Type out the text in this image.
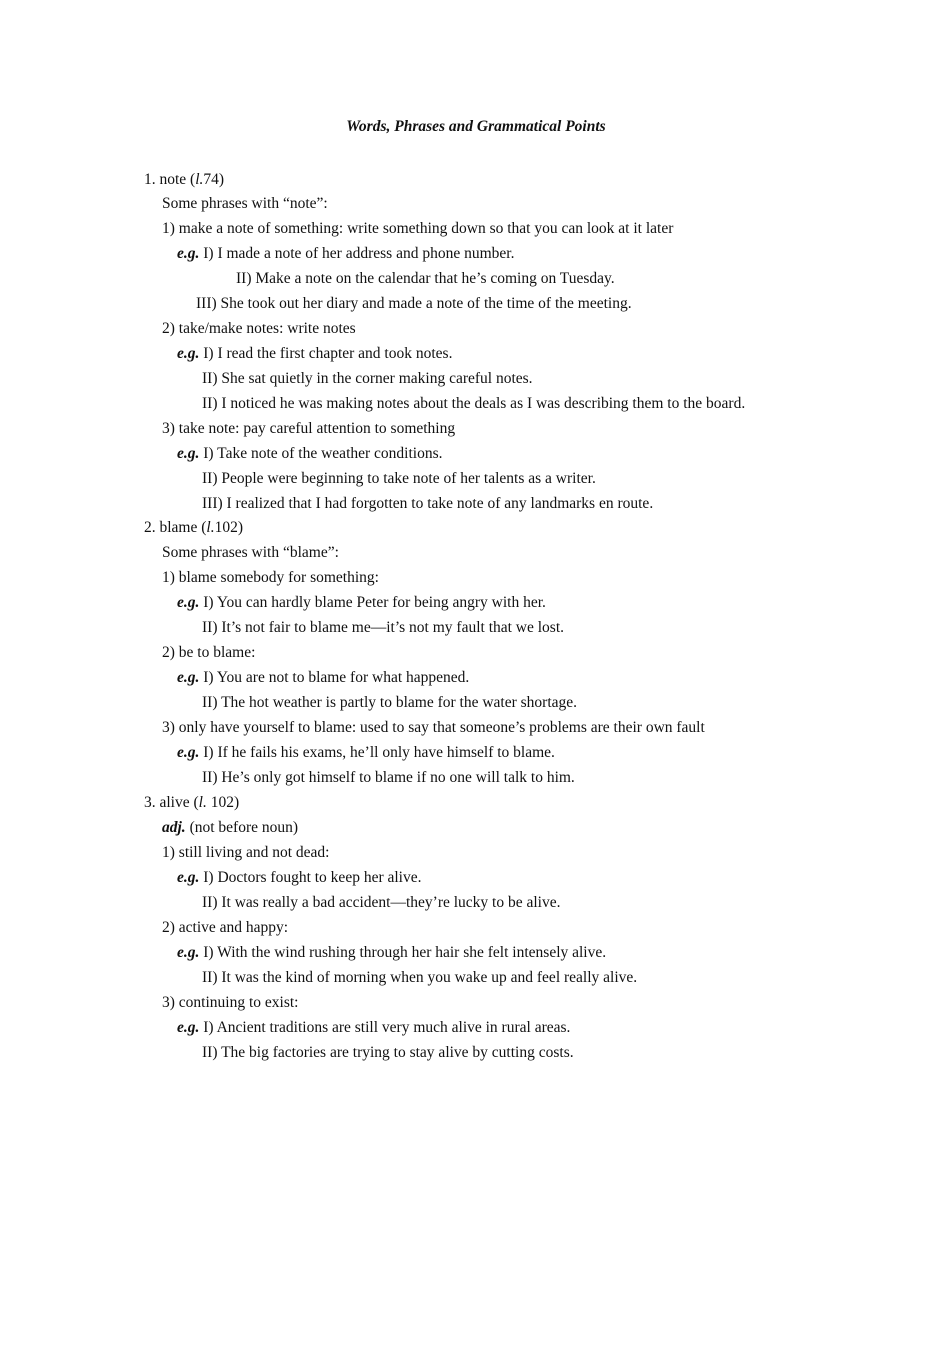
Words, Phrases and Grammatical Points
1. note (l.74)
Some phrases with “note”:
1) make a note of something: write something down so that you can look at it later
e.g. I) I made a note of her address and phone number.
II) Make a note on the calendar that he’s coming on Tuesday.
III) She took out her diary and made a note of the time of the meeting.
2) take/make notes: write notes
e.g. I) I read the first chapter and took notes.
II) She sat quietly in the corner making careful notes.
II) I noticed he was making notes about the deals as I was describing them to the board.
3) take note: pay careful attention to something
e.g. I) Take note of the weather conditions.
II) People were beginning to take note of her talents as a writer.
III) I realized that I had forgotten to take note of any landmarks en route.
2. blame (l.102)
Some phrases with “blame”:
1) blame somebody for something:
e.g. I) You can hardly blame Peter for being angry with her.
II) It’s not fair to blame me—it’s not my fault that we lost.
2) be to blame:
e.g. I) You are not to blame for what happened.
II) The hot weather is partly to blame for the water shortage.
3) only have yourself to blame: used to say that someone’s problems are their own fault
e.g. I) If he fails his exams, he’ll only have himself to blame.
II) He’s only got himself to blame if no one will talk to him.
3. alive (l. 102)
adj. (not before noun)
1) still living and not dead:
e.g. I) Doctors fought to keep her alive.
II) It was really a bad accident—they’re lucky to be alive.
2) active and happy:
e.g. I) With the wind rushing through her hair she felt intensely alive.
II) It was the kind of morning when you wake up and feel really alive.
3) continuing to exist:
e.g. I) Ancient traditions are still very much alive in rural areas.
II) The big factories are trying to stay alive by cutting costs.
